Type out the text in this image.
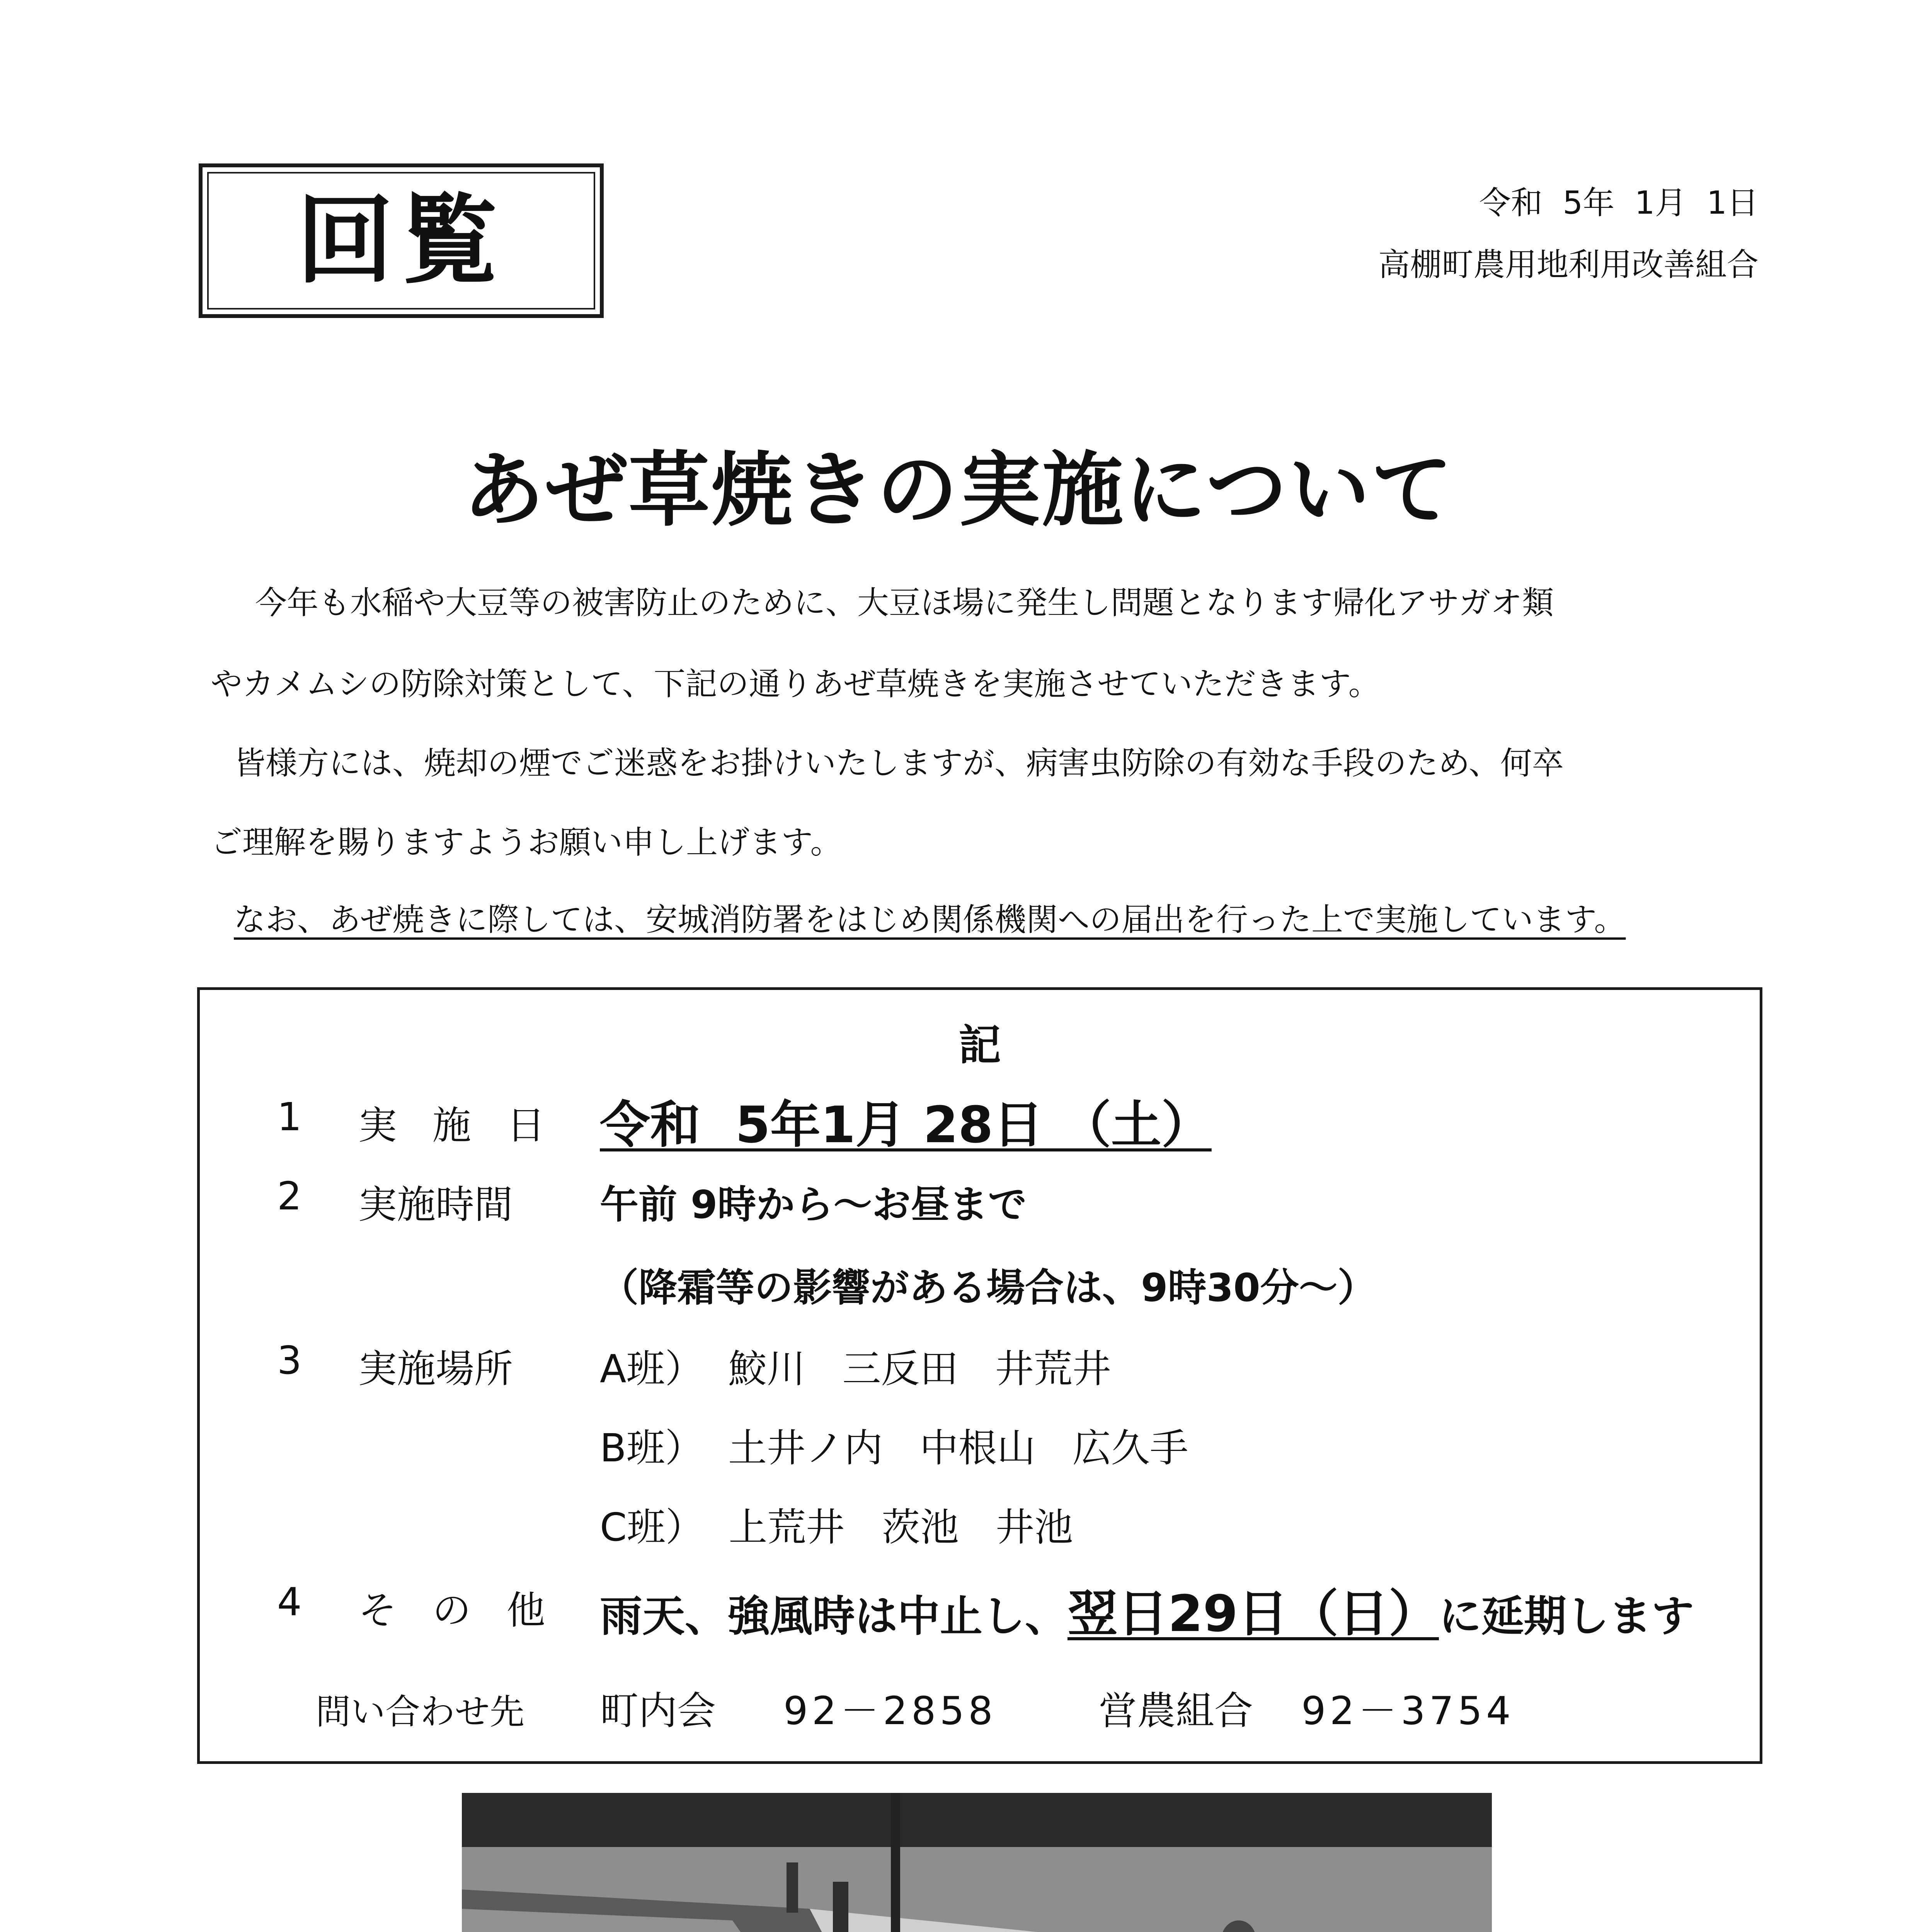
回覧	令和  5年  1月  1日
高棚町農用地利用改善組合
あぜ草焼きの実施について
今年も水稲や大豆等の被害防止のために、大豆ほ場に発生し問題となります帰化アサガオ類
やカメムシの防除対策として、下記の通りあぜ草焼きを実施させていただきます。
皆様方には、焼却の煙でご迷惑をお掛けいたしますが、病害虫防除の有効な手段のため、何卒
ご理解を賜りますようお願い申し上げます。
なお、あぜ焼きに際しては、安城消防署をはじめ関係機関への届出を行った上で実施しています。
記
1 実 施 日 令和  5年1月 28日 （土）
2 実施時間 午前 9時から～お昼まで
（降霜等の影響がある場合は、9時30分～）
3 実施場所 A班）  鮫川   三反田   井荒井
B班）  土井ノ内   中根山   広久手
C班）  上荒井   茨池   井池
4 そ の 他 雨天、強風時は中止し、翌日29日（日）に延期します
問い合わせ先 町内会 92－2858	営農組合 92－3754
